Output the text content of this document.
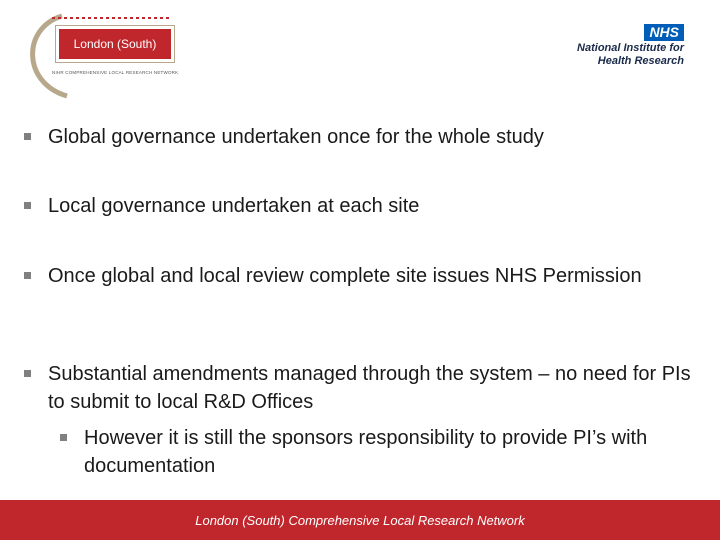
London (South)
NIHR COMPREHENSIVE LOCAL RESEARCH NETWORK
NHS
National Institute for
Health Research
Global governance undertaken once for the whole study
Local governance undertaken at each site
Once global and local review complete site issues NHS Permission
Substantial amendments managed through the system – no need for PIs to submit to local R&D Offices
However it is still the sponsors responsibility to provide PI’s with documentation
London (South) Comprehensive Local Research Network
